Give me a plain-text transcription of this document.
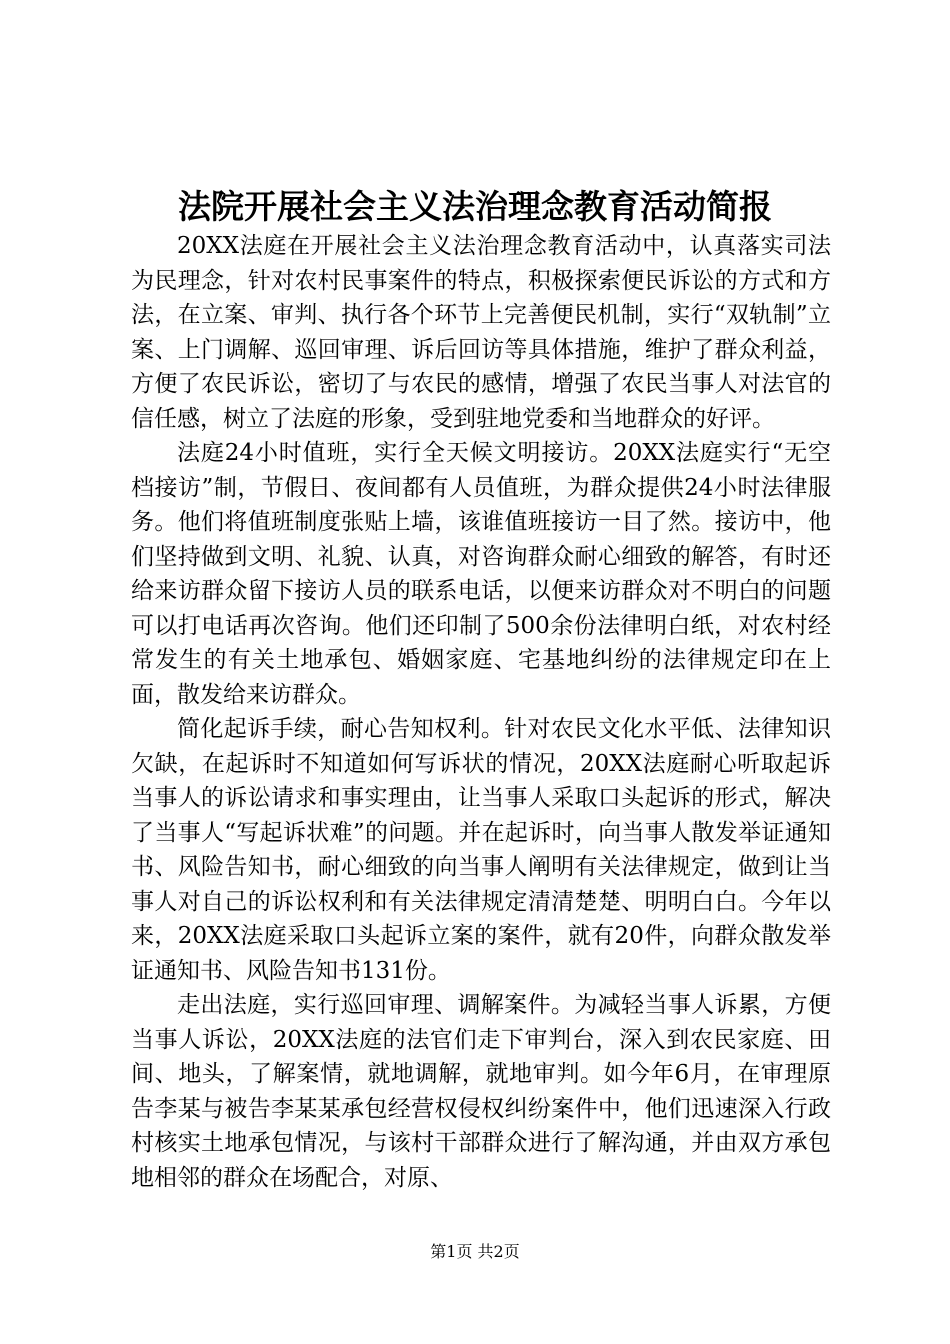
法院开展社会主义法治理念教育活动简报

20XX法庭在开展社会主义法治理念教育活动中，认真落实司法为民理念，针对农村民事案件的特点，积极探索便民诉讼的方式和方法，在立案、审判、执行各个环节上完善便民机制，实行“双轨制”立案、上门调解、巡回审理、诉后回访等具体措施，维护了群众利益，方便了农民诉讼，密切了与农民的感情，增强了农民当事人对法官的信任感，树立了法庭的形象，受到驻地党委和当地群众的好评。

法庭24小时值班，实行全天候文明接访。20XX法庭实行“无空档接访”制，节假日、夜间都有人员值班，为群众提供24小时法律服务。他们将值班制度张贴上墙，该谁值班接访一目了然。接访中，他们坚持做到文明、礼貌、认真，对咨询群众耐心细致的解答，有时还给来访群众留下接访人员的联系电话，以便来访群众对不明白的问题可以打电话再次咨询。他们还印制了500余份法律明白纸，对农村经常发生的有关土地承包、婚姻家庭、宅基地纠纷的法律规定印在上面，散发给来访群众。

简化起诉手续，耐心告知权利。针对农民文化水平低、法律知识欠缺，在起诉时不知道如何写诉状的情况，20XX法庭耐心听取起诉当事人的诉讼请求和事实理由，让当事人采取口头起诉的形式，解决了当事人“写起诉状难”的问题。并在起诉时，向当事人散发举证通知书、风险告知书，耐心细致的向当事人阐明有关法律规定，做到让当事人对自己的诉讼权利和有关法律规定清清楚楚、明明白白。今年以来，20XX法庭采取口头起诉立案的案件，就有20件，向群众散发举证通知书、风险告知书131份。

走出法庭，实行巡回审理、调解案件。为减轻当事人诉累，方便当事人诉讼，20XX法庭的法官们走下审判台，深入到农民家庭、田间、地头，了解案情，就地调解，就地审判。如今年6月，在审理原告李某与被告李某某承包经营权侵权纠纷案件中，他们迅速深入行政村核实土地承包情况，与该村干部群众进行了解沟通，并由双方承包地相邻的群众在场配合，对原、

第1页 共2页
